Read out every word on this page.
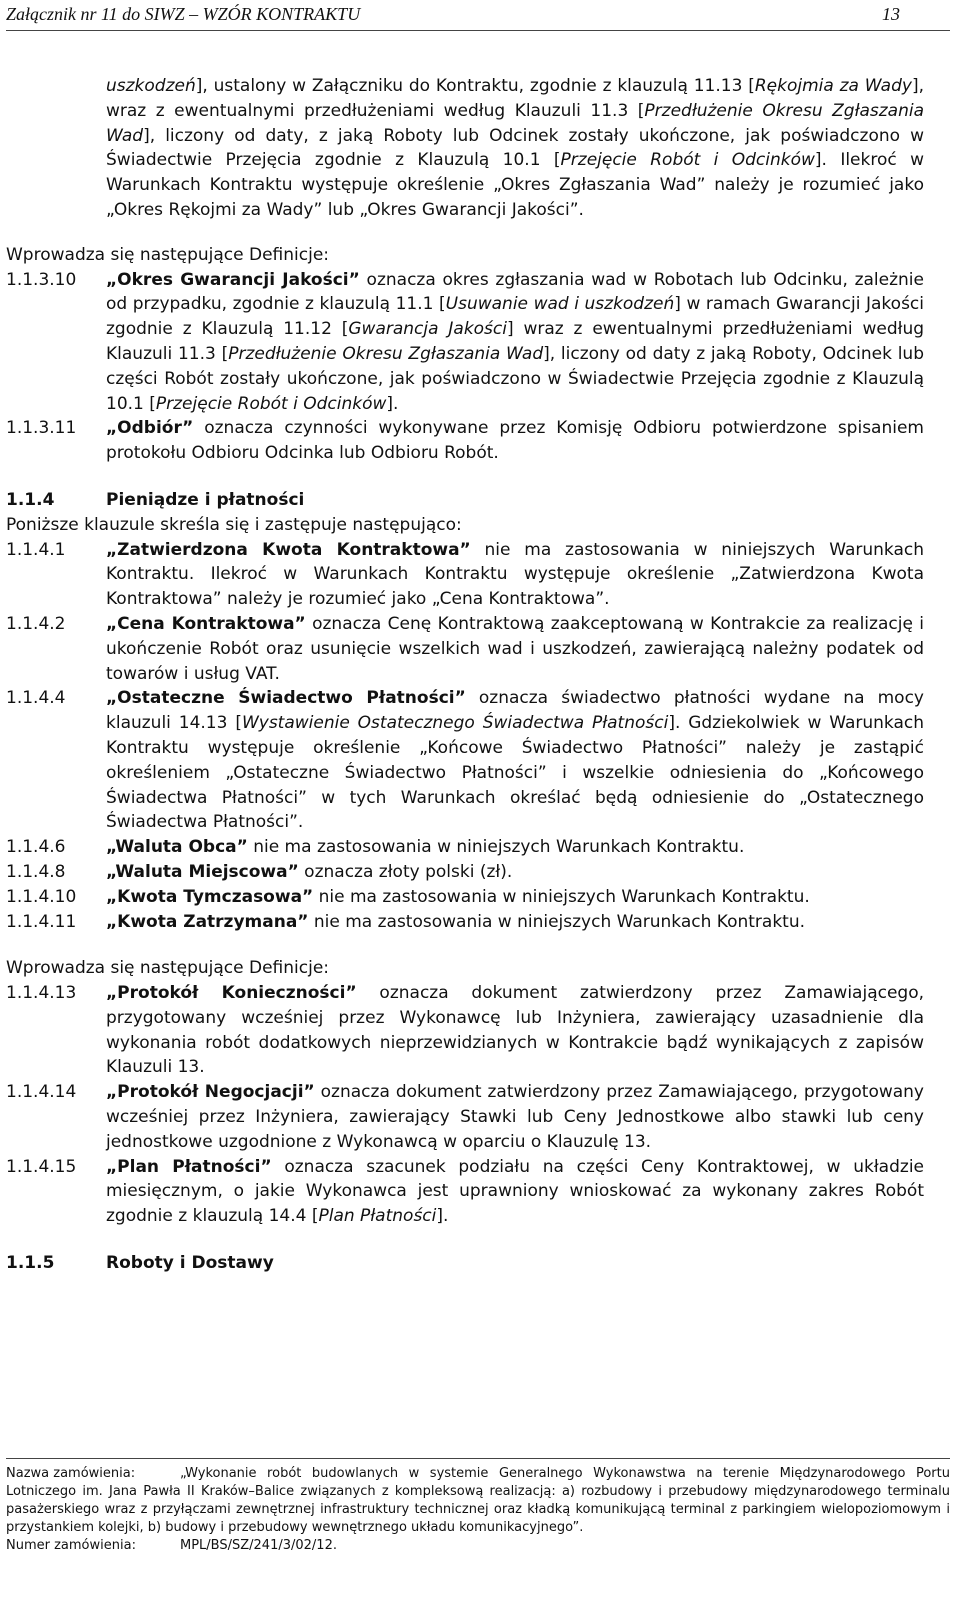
Załącznik nr 11 do SIWZ – WZÓR KONTRAKTU	13
uszkodzeń], ustalony w Załączniku do Kontraktu, zgodnie z klauzulą 11.13 [Rękojmia za Wady], wraz z ewentualnymi przedłużeniami według Klauzuli 11.3 [Przedłużenie Okresu Zgłaszania Wad], liczony od daty, z jaką Roboty lub Odcinek zostały ukończone, jak poświadczono w Świadectwie Przejęcia zgodnie z Klauzulą 10.1 [Przejęcie Robót i Odcinków]. Ilekroć w Warunkach Kontraktu występuje określenie „Okres Zgłaszania Wad” należy je rozumieć jako „Okres Rękojmi za Wady” lub „Okres Gwarancji Jakości”.
Wprowadza się następujące Definicje:
1.1.3.10	„Okres Gwarancji Jakości” oznacza okres zgłaszania wad w Robotach lub Odcinku, zależnie od przypadku, zgodnie z klauzulą 11.1 [Usuwanie wad i uszkodzeń] w ramach Gwarancji Jakości zgodnie z Klauzulą 11.12 [Gwarancja Jakości] wraz z ewentualnymi przedłużeniami według Klauzuli 11.3 [Przedłużenie Okresu Zgłaszania Wad], liczony od daty z jaką Roboty, Odcinek lub części Robót zostały ukończone, jak poświadczono w Świadectwie Przejęcia zgodnie z Klauzulą 10.1 [Przejęcie Robót i Odcinków].
1.1.3.11	„Odbiór” oznacza czynności wykonywane przez Komisję Odbioru potwierdzone spisaniem protokołu Odbioru Odcinka lub Odbioru Robót.
1.1.4	Pieniądze i płatności
Poniższe klauzule skreśla się i zastępuje następująco:
1.1.4.1	„Zatwierdzona Kwota Kontraktowa” nie ma zastosowania w niniejszych Warunkach Kontraktu. Ilekroć w Warunkach Kontraktu występuje określenie „Zatwierdzona Kwota Kontraktowa” należy je rozumieć jako „Cena Kontraktowa”.
1.1.4.2	„Cena Kontraktowa” oznacza Cenę Kontraktową zaakceptowaną w Kontrakcie za realizację i ukończenie Robót oraz usunięcie wszelkich wad i uszkodzeń, zawierającą należny podatek od towarów i usług VAT.
1.1.4.4	„Ostateczne Świadectwo Płatności” oznacza świadectwo płatności wydane na mocy klauzuli 14.13 [Wystawienie Ostatecznego Świadectwa Płatności]. Gdziekolwiek w Warunkach Kontraktu występuje określenie „Końcowe Świadectwo Płatności” należy je zastąpić określeniem „Ostateczne Świadectwo Płatności” i wszelkie odniesienia do „Końcowego Świadectwa Płatności” w tych Warunkach określać będą odniesienie do „Ostatecznego Świadectwa Płatności”.
1.1.4.6	„Waluta Obca” nie ma zastosowania w niniejszych Warunkach Kontraktu.
1.1.4.8	„Waluta Miejscowa” oznacza złoty polski (zł).
1.1.4.10	„Kwota Tymczasowa” nie ma zastosowania w niniejszych Warunkach Kontraktu.
1.1.4.11	„Kwota Zatrzymana” nie ma zastosowania w niniejszych Warunkach Kontraktu.
Wprowadza się następujące Definicje:
1.1.4.13	„Protokół Konieczności” oznacza dokument zatwierdzony przez Zamawiającego, przygotowany wcześniej przez Wykonawcę lub Inżyniera, zawierający uzasadnienie dla wykonania robót dodatkowych nieprzewidzianych w Kontrakcie bądź wynikających z zapisów Klauzuli 13.
1.1.4.14	„Protokół Negocjacji” oznacza dokument zatwierdzony przez Zamawiającego, przygotowany wcześniej przez Inżyniera, zawierający Stawki lub Ceny Jednostkowe albo stawki lub ceny jednostkowe uzgodnione z Wykonawcą w oparciu o Klauzulę 13.
1.1.4.15	„Plan Płatności” oznacza szacunek podziału na części Ceny Kontraktowej, w układzie miesięcznym, o jakie Wykonawca jest uprawniony wnioskować za wykonany zakres Robót zgodnie z klauzulą 14.4 [Plan Płatności].
1.1.5	Roboty i Dostawy
Nazwa zamówienia:	„Wykonanie robót budowlanych w systemie Generalnego Wykonawstwa na terenie Międzynarodowego Portu Lotniczego im. Jana Pawła II Kraków–Balice związanych z kompleksową realizacją: a) rozbudowy i przebudowy międzynarodowego terminalu pasażerskiego wraz z przyłączami zewnętrznej infrastruktury technicznej oraz kładką komunikującą terminal z parkingiem wielopoziomowym i przystankiem kolejki, b) budowy i przebudowy wewnętrznego układu komunikacyjnego”.
Numer zamówienia:	MPL/BS/SZ/241/3/02/12.
